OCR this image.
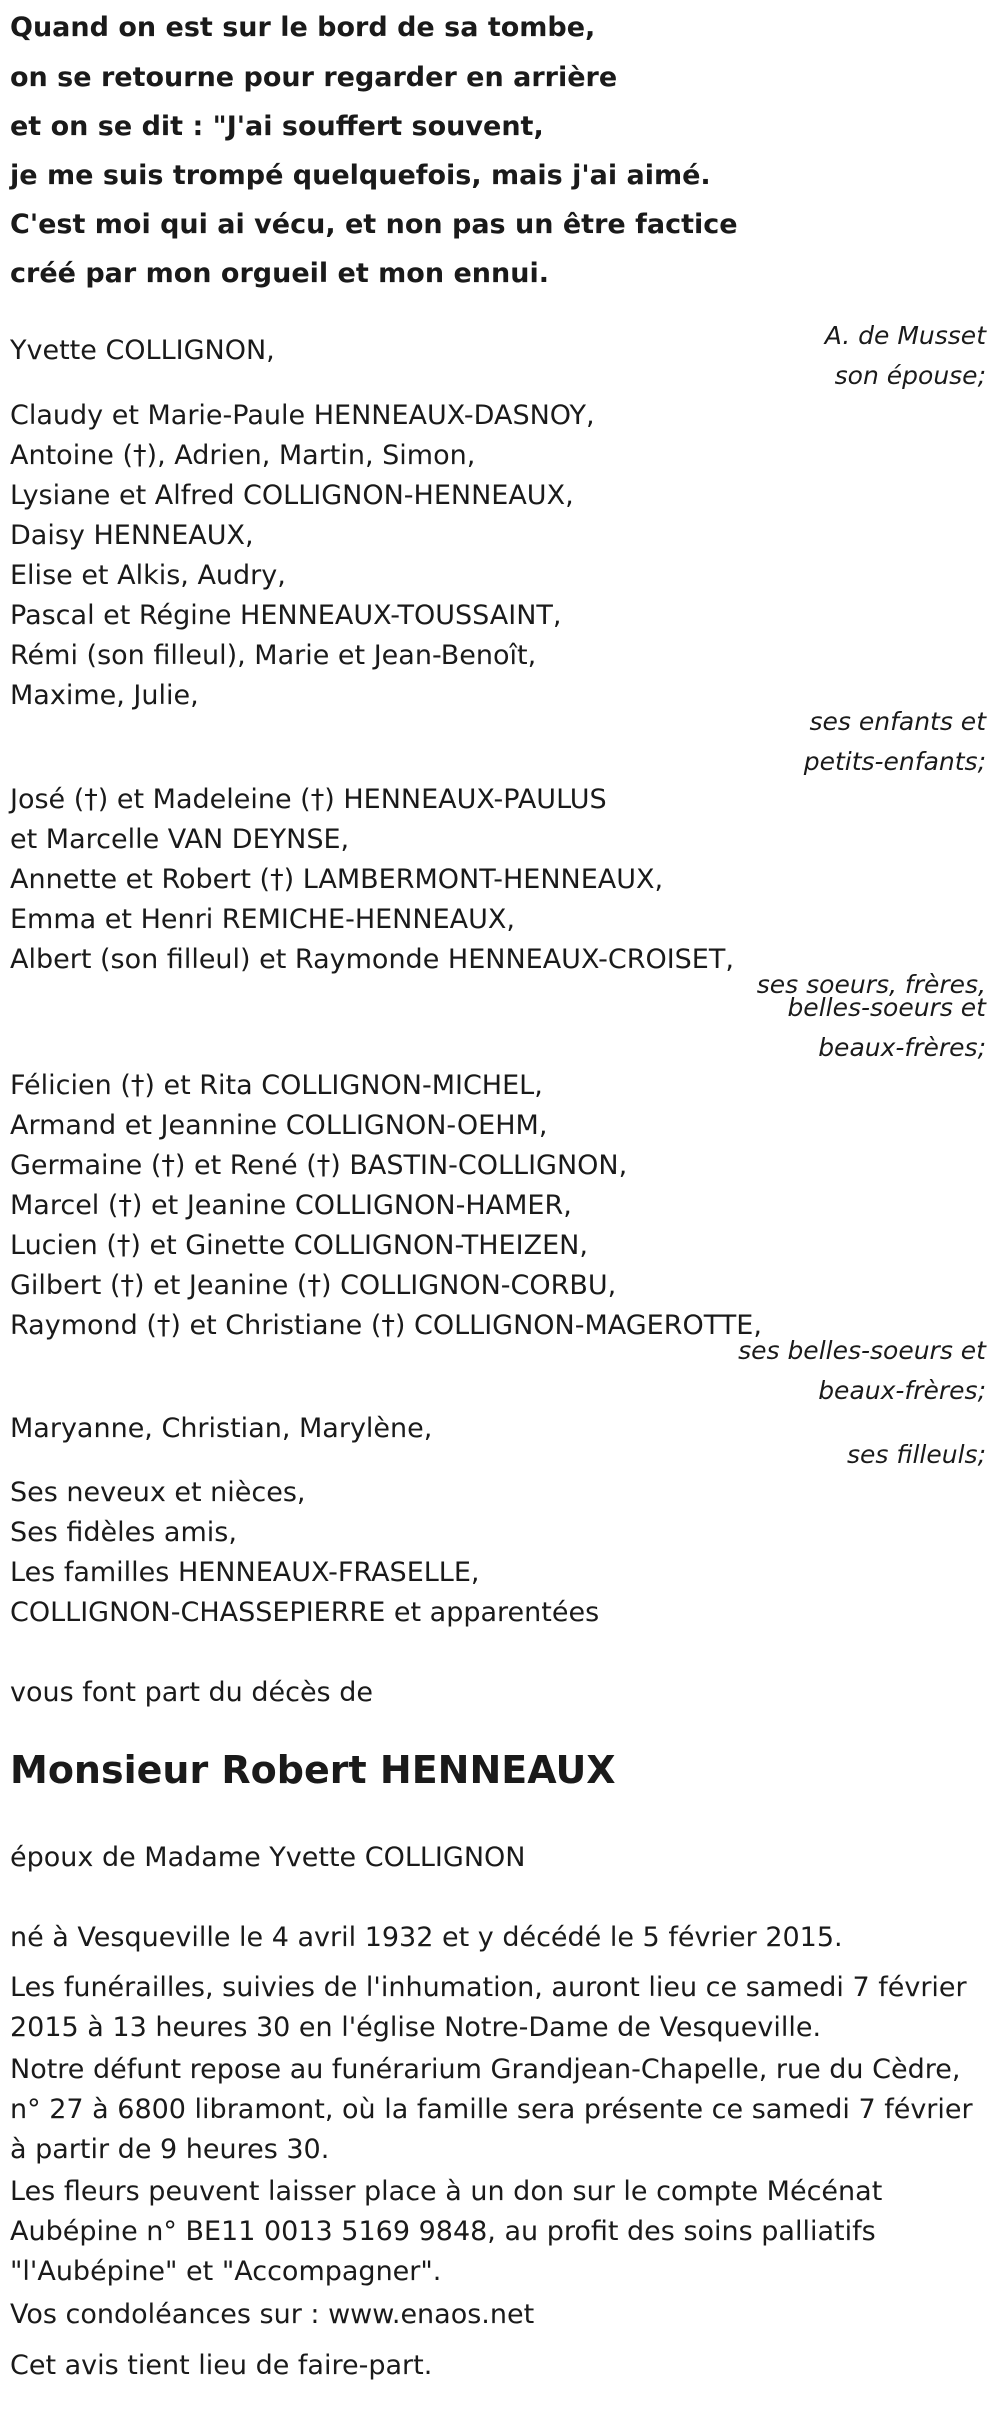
Quand on est sur le bord de sa tombe,
on se retourne pour regarder en arrière
et on se dit : "J'ai souffert souvent,
je me suis trompé quelquefois, mais j'ai aimé.
C'est moi qui ai vécu, et non pas un être factice
créé par mon orgueil et mon ennui.
A. de Musset
Yvette COLLIGNON,
son épouse;
Claudy et Marie-Paule HENNEAUX-DASNOY,
Antoine (†), Adrien, Martin, Simon,
Lysiane et Alfred COLLIGNON-HENNEAUX,
Daisy HENNEAUX,
Elise et Alkis, Audry,
Pascal et Régine HENNEAUX-TOUSSAINT,
Rémi (son filleul), Marie et Jean-Benoît,
Maxime, Julie,
ses enfants et
petits-enfants;
José (†) et Madeleine (†) HENNEAUX-PAULUS
et Marcelle VAN DEYNSE,
Annette et Robert (†) LAMBERMONT-HENNEAUX,
Emma et Henri REMICHE-HENNEAUX,
Albert (son filleul) et Raymonde HENNEAUX-CROISET,
ses soeurs, frères,
belles-soeurs et
beaux-frères;
Félicien (†) et Rita COLLIGNON-MICHEL,
Armand et Jeannine COLLIGNON-OEHM,
Germaine (†) et René (†) BASTIN-COLLIGNON,
Marcel (†) et Jeanine COLLIGNON-HAMER,
Lucien (†) et Ginette COLLIGNON-THEIZEN,
Gilbert (†) et Jeanine (†) COLLIGNON-CORBU,
Raymond (†) et Christiane (†) COLLIGNON-MAGEROTTE,
ses belles-soeurs et
beaux-frères;
Maryanne, Christian, Marylène,
ses filleuls;
Ses neveux et nièces,
Ses fidèles amis,
Les familles HENNEAUX-FRASELLE,
COLLIGNON-CHASSEPIERRE et apparentées
vous font part du décès de
Monsieur Robert HENNEAUX
époux de Madame Yvette COLLIGNON
né à Vesqueville le 4 avril 1932 et y décédé le 5 février 2015.
Les funérailles, suivies de l'inhumation, auront lieu ce samedi 7 février 2015 à 13 heures 30 en l'église Notre-Dame de Vesqueville.
Notre défunt repose au funérarium Grandjean-Chapelle, rue du Cèdre, n° 27 à 6800 libramont, où la famille sera présente ce samedi 7 février à partir de 9 heures 30.
Les fleurs peuvent laisser place à un don sur le compte Mécénat Aubépine n° BE11 0013 5169 9848, au profit des soins palliatifs "l'Aubépine" et "Accompagner".
Vos condoléances sur : www.enaos.net
Cet avis tient lieu de faire-part.
